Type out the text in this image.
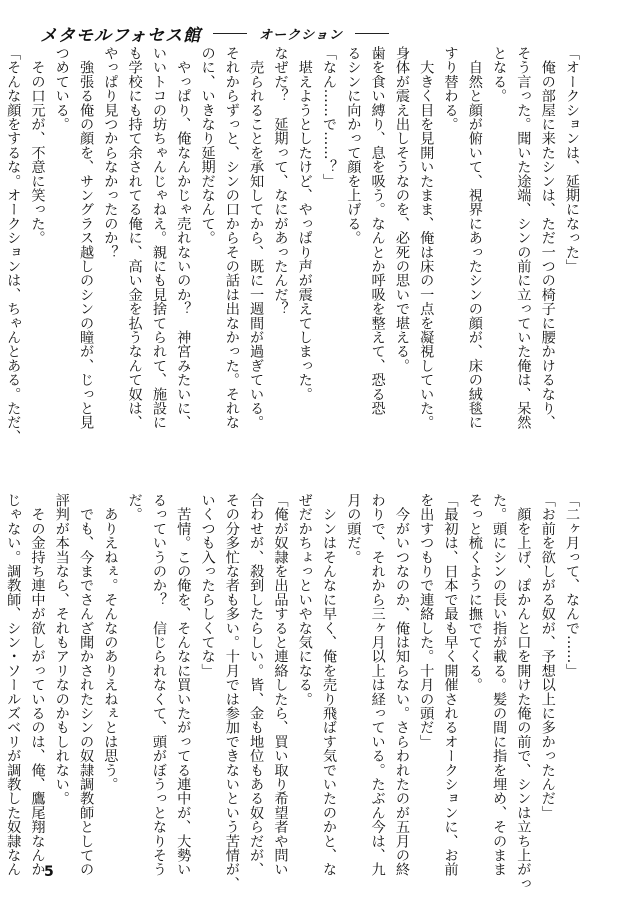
メタモルフォセス館	オークション

「オークションは、延期になった」

　俺の部屋に来たシンは、ただ一つの椅子に腰かけるなり、

そう言った。聞いた途端、シンの前に立っていた俺は、呆然

となる。

　自然と顔が俯いて、視界にあったシンの顔が、床の絨毯に

すり替わる。

　大きく目を見開いたまま、俺は床の一点を凝視していた。

身体が震え出しそうなのを、必死の思いで堪える。

歯を食い縛り、息を吸う。なんとか呼吸を整えて、恐る恐

るシンに向かって顔を上げる。

「なん……で……？」

　堪えようとしたけど、やっぱり声が震えてしまった。

なぜだ？　延期って、なにがあったんだ？

　売られることを承知してから、既に一週間が過ぎている。

それからずっと、シンの口からその話は出なかった。それな

のに、いきなり延期だなんて。

　やっぱり、俺なんかじゃ売れないのか？　神宮みたいに、

いいトコの坊ちゃんじゃねえ。親にも見捨てられて、施設に

も学校にも持て余されてる俺に、高い金を払うなんて奴は、

やっぱり見つからなかったのか？

　強張る俺の顔を、サングラス越しのシンの瞳が、じっと見

つめている。

　その口元が、不意に笑った。

「そんな顔をするな。オークションは、ちゃんとある。ただ、

「二ヶ月って、なんで……」

「お前を欲しがる奴が、予想以上に多かったんだ」

　顔を上げ、ぽかんと口を開けた俺の前で、シンは立ち上がっ

た。頭にシンの長い指が載る。髪の間に指を埋め、そのまま

そっと梳くように撫でてくる。

「最初は、日本で最も早く開催されるオークションに、お前

を出すつもりで連絡した。十月の頭だ」

　今がいつなのか、俺は知らない。さらわれたのが五月の終

わりで、それから三ヶ月以上は経っている。たぶん今は、九

月の頭だ。

　シンはそんなに早く、俺を売り飛ばす気でいたのかと、な

ぜだかちょっといやな気になる。

「俺が奴隷を出品すると連絡したら、買い取り希望者や問い

合わせが、殺到したらしい。皆、金も地位もある奴らだが、

その分多忙な者も多い。十月では参加できないという苦情が、

いくつも入ったらしくてな」

　苦情。この俺を、そんなに買いたがってる連中が、大勢い

るっていうのか？　信じられなくて、頭がぼうっとなりそう

だ。

　ありえねぇ。そんなのありえねぇとは思う。

　でも、今までさんざ聞かされたシンの奴隷調教師としての

評判が本当なら、それもアリなのかもしれない。

　その金持ち連中が欲しがっているのは、俺、鷹尾翔なんか

じゃない。調教師、シン・ソールズベリが調教した奴隷なん 5
